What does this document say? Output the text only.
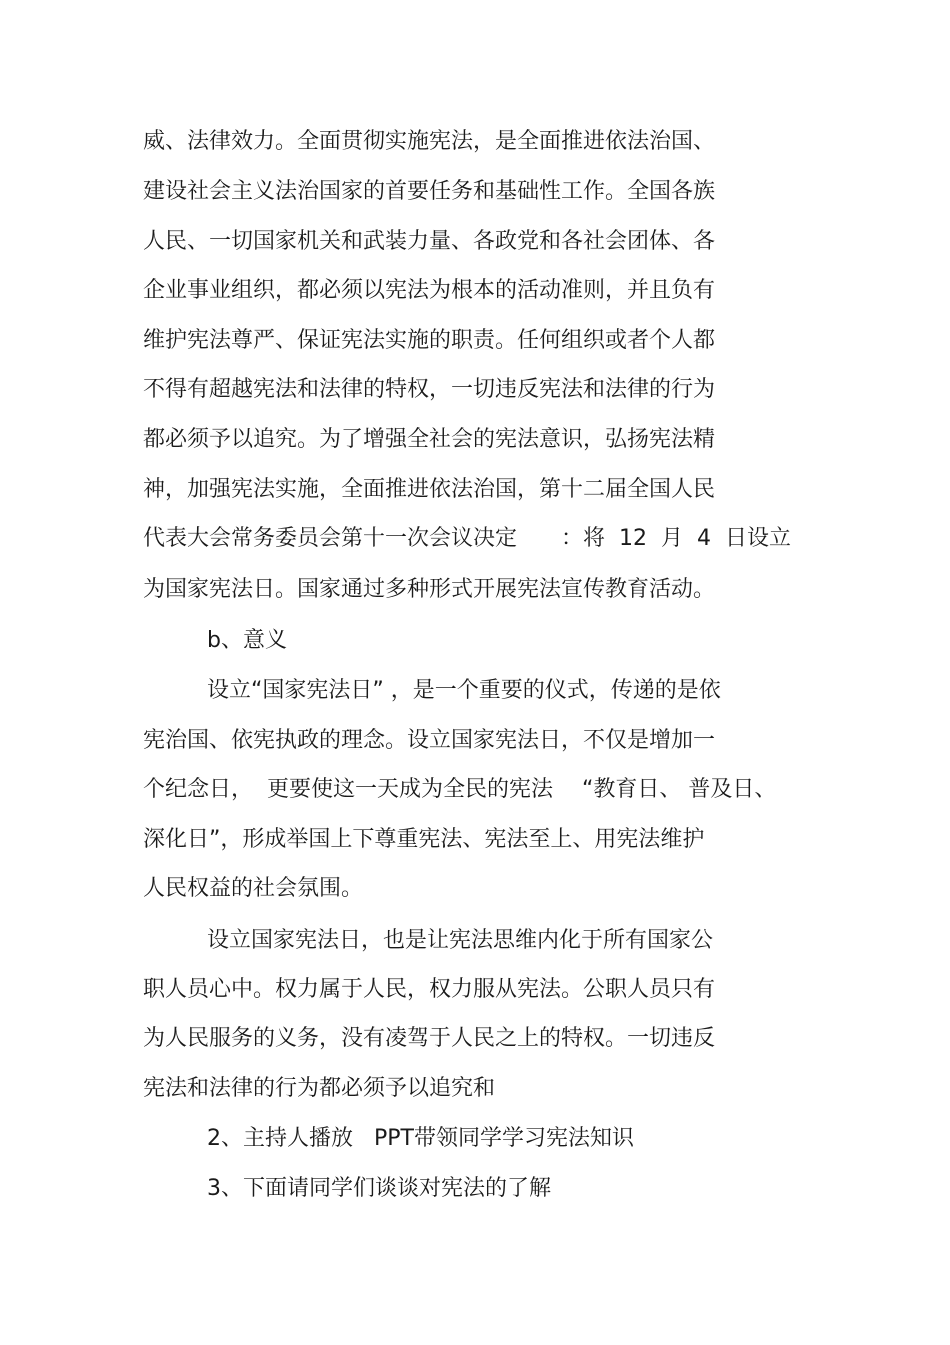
威、法律效力。全面贯彻实施宪法，是全面推进依法治国、

建设社会主义法治国家的首要任务和基础性工作。全国各族

人民、一切国家机关和武装力量、各政党和各社会团体、各

企业事业组织，都必须以宪法为根本的活动准则，并且负有

维护宪法尊严、保证宪法实施的职责。任何组织或者个人都

不得有超越宪法和法律的特权，一切违反宪法和法律的行为

都必须予以追究。为了增强全社会的宪法意识，弘扬宪法精

神，加强宪法实施，全面推进依法治国，第十二届全国人民

代表大会常务委员会第十一次会议决定　　：将  12  月  4  日设立

为国家宪法日。国家通过多种形式开展宪法宣传教育活动。

b、意义

设立“国家宪法日” ，是一个重要的仪式，传递的是依

宪治国、依宪执政的理念。设立国家宪法日，不仅是增加一

个纪念日，  更要使这一天成为全民的宪法　 “教育日、 普及日、

深化日”，形成举国上下尊重宪法、宪法至上、用宪法维护

人民权益的社会氛围。

设立国家宪法日，也是让宪法思维内化于所有国家公

职人员心中。权力属于人民，权力服从宪法。公职人员只有

为人民服务的义务，没有凌驾于人民之上的特权。一切违反

宪法和法律的行为都必须予以追究和

2、主持人播放   PPT带领同学学习宪法知识

3、下面请同学们谈谈对宪法的了解
